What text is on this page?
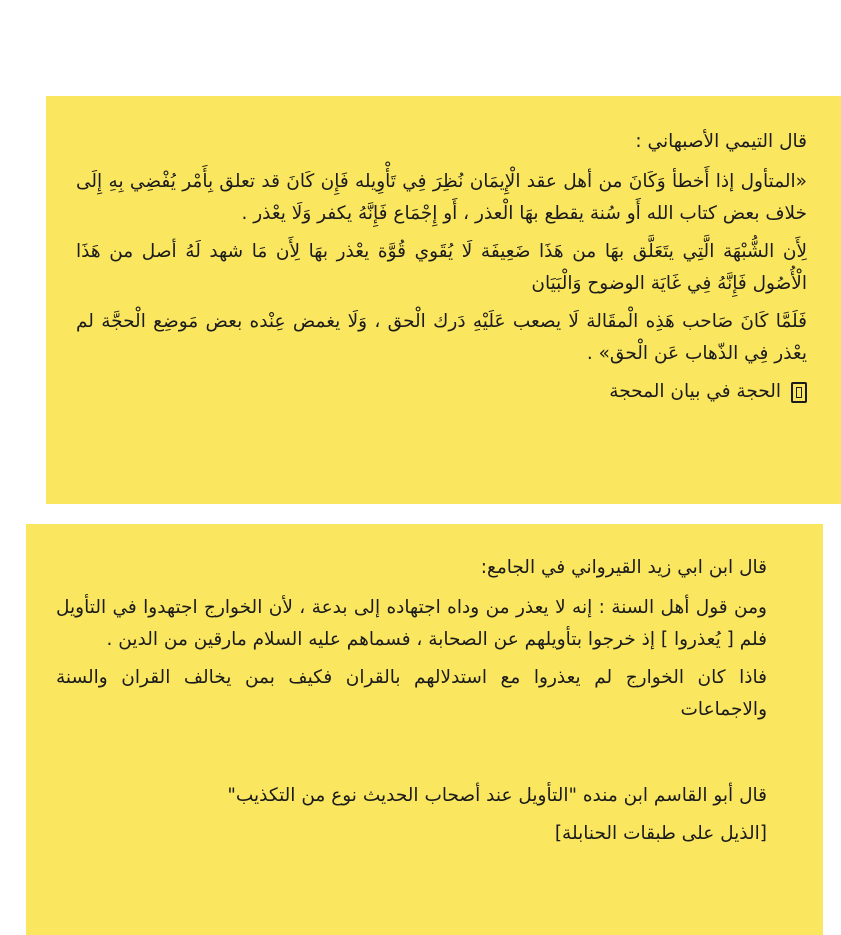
قال التيمي الأصبهاني :

«المتأول إذا أَخطأ وَكَانَ من أهل عقد الْإِيمَان نُظِرَ فِي تَأْوِيله فَإِن كَانَ قد تعلق بِأَمْر يُفْضِي بِهِ إِلَى خلاف بعض كتاب الله أَو سُنة يقطع بهَا الْعذر ، أَو إِجْمَاع فَإِنَّهُ يكفر وَلَا يعْذر .

لِأَن الشُّبْهَة الَّتِي يتَعَلَّق بهَا من هَذَا ضَعِيفَة لَا يُقَوي قُوَّة يعْذر بهَا لِأَن مَا شهد لَهُ أصل من هَذَا الْأُصُول فَإِنَّهُ فِي غَايَة الوضوح وَالْبَيَان

فَلَمَّا كَانَ صَاحب هَذِه الْمقَالة لَا يصعب عَلَيْهِ دَرك الْحق ، وَلَا يغمض عِنْده بعض مَوضِع الْحجَّة لم يعْذر فِي الذّهاب عَن الْحق» .

الحجة في بيان المحجة

قال ابن ابي زيد القيرواني في الجامع:

ومن قول أهل السنة : إنه لا يعذر من وداه اجتهاده إلى بدعة ، لأن الخوارج اجتهدوا في التأويل فلم [ يُعذروا ] إذ خرجوا بتأويلهم عن الصحابة ، فسماهم عليه السلام مارقين من الدين .

فاذا كان الخوارج لم يعذروا مع استدلالهم بالقران فكيف بمن يخالف القران والسنة والاجماعات

قال أبو القاسم ابن منده "التأويل عند أصحاب الحديث نوع من التكذيب"

[الذيل على طبقات الحنابلة]
